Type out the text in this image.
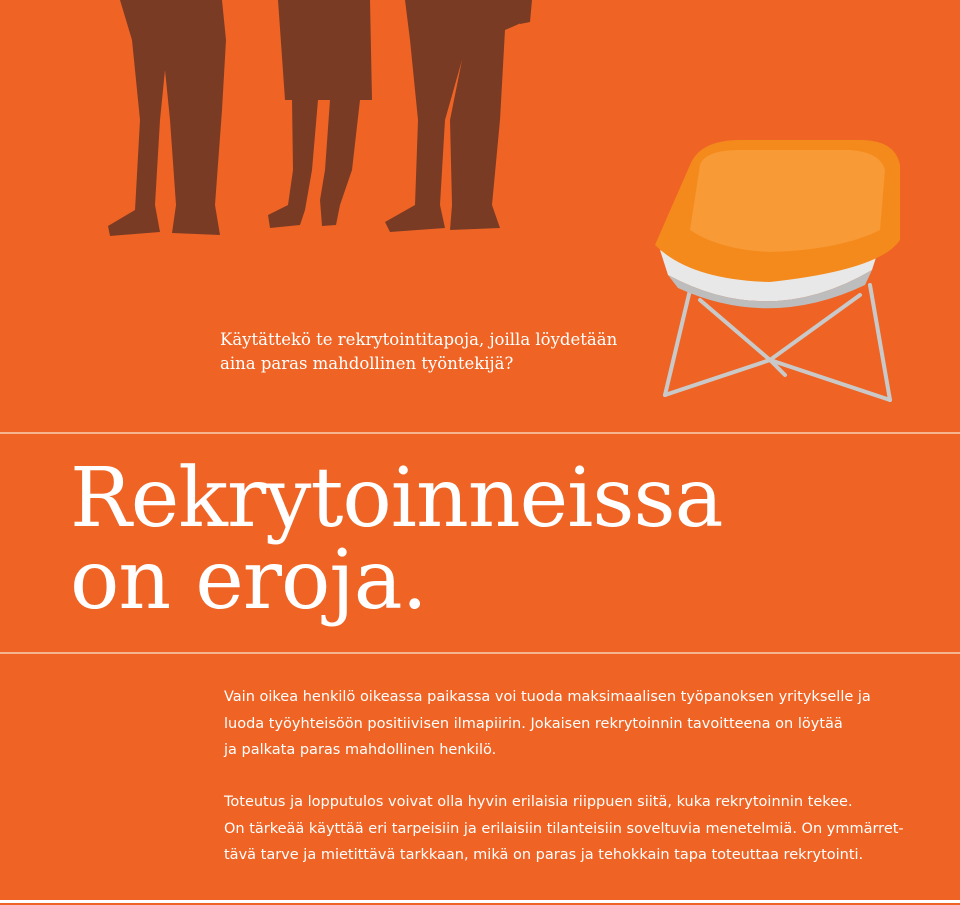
Käytättekö te rekrytointitapoja, joilla löydetään
aina paras mahdollinen työntekijä?
Rekrytoinneissa
on eroja.
Vain oikea henkilö oikeassa paikassa voi tuoda maksimaalisen työpanoksen yritykselle ja
luoda työyhteisöön positiivisen ilmapiirin. Jokaisen rekrytoinnin tavoitteena on löytää
ja palkata paras mahdollinen henkilö.
Toteutus ja lopputulos voivat olla hyvin erilaisia riippuen siitä, kuka rekrytoinnin tekee.
On tärkeää käyttää eri tarpeisiin ja erilaisiin tilanteisiin soveltuvia menetelmiä. On ymmärret-
tävä tarve ja mietittävä tarkkaan, mikä on paras ja tehokkain tapa toteuttaa rekrytointi.
